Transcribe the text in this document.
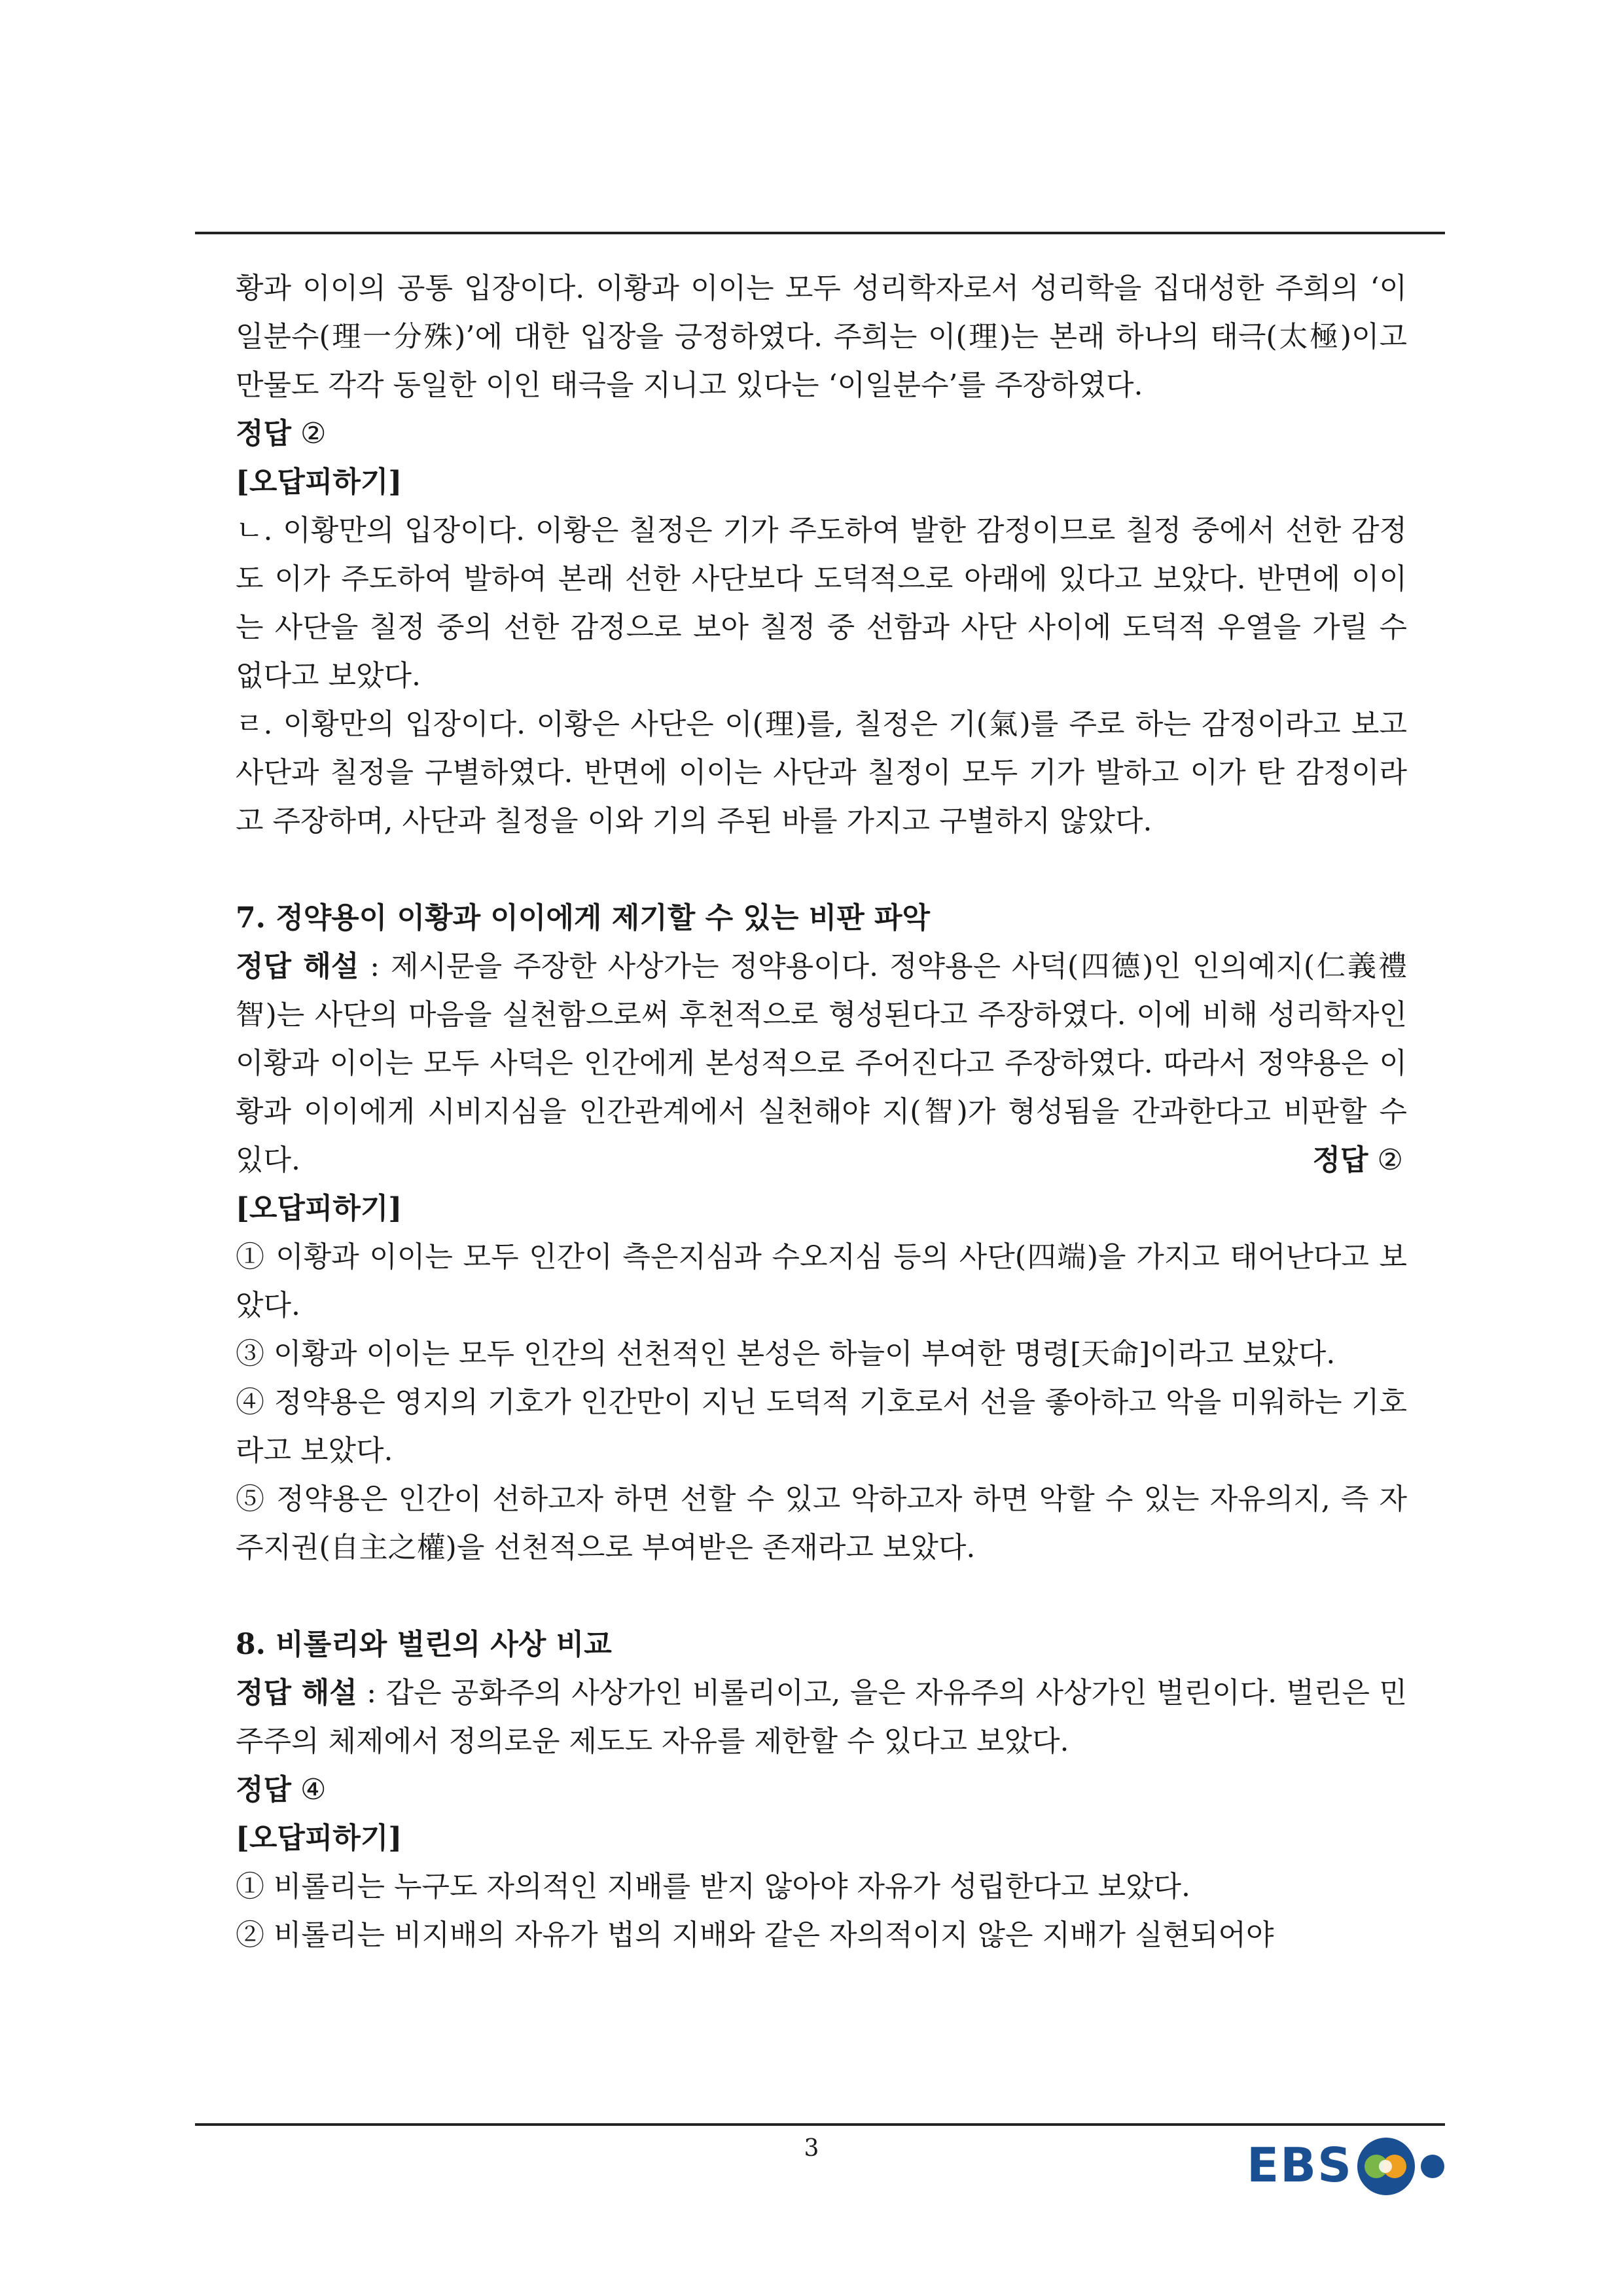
황과 이이의 공통 입장이다. 이황과 이이는 모두 성리학자로서 성리학을 집대성한 주희의 ‘이일분수(理一分殊)’에 대한 입장을 긍정하였다. 주희는 이(理)는 본래 하나의 태극(太極)이고 만물도 각각 동일한 이인 태극을 지니고 있다는 ‘이일분수’를 주장하였다.

정답 ②

[오답피하기]

ㄴ. 이황만의 입장이다. 이황은 칠정은 기가 주도하여 발한 감정이므로 칠정 중에서 선한 감정도 이가 주도하여 발하여 본래 선한 사단보다 도덕적으로 아래에 있다고 보았다. 반면에 이이는 사단을 칠정 중의 선한 감정으로 보아 칠정 중 선함과 사단 사이에 도덕적 우열을 가릴 수 없다고 보았다.

ㄹ. 이황만의 입장이다. 이황은 사단은 이(理)를, 칠정은 기(氣)를 주로 하는 감정이라고 보고 사단과 칠정을 구별하였다. 반면에 이이는 사단과 칠정이 모두 기가 발하고 이가 탄 감정이라고 주장하며, 사단과 칠정을 이와 기의 주된 바를 가지고 구별하지 않았다.

7. 정약용이 이황과 이이에게 제기할 수 있는 비판 파악

정답 해설 : 제시문을 주장한 사상가는 정약용이다. 정약용은 사덕(四德)인 인의예지(仁義禮智)는 사단의 마음을 실천함으로써 후천적으로 형성된다고 주장하였다. 이에 비해 성리학자인 이황과 이이는 모두 사덕은 인간에게 본성적으로 주어진다고 주장하였다. 따라서 정약용은 이황과 이이에게 시비지심을 인간관계에서 실천해야 지(智)가 형성됨을 간과한다고 비판할 수 있다.	정답 ②

[오답피하기]

① 이황과 이이는 모두 인간이 측은지심과 수오지심 등의 사단(四端)을 가지고 태어난다고 보았다.

③ 이황과 이이는 모두 인간의 선천적인 본성은 하늘이 부여한 명령[天命]이라고 보았다.

④ 정약용은 영지의 기호가 인간만이 지닌 도덕적 기호로서 선을 좋아하고 악을 미워하는 기호라고 보았다.

⑤ 정약용은 인간이 선하고자 하면 선할 수 있고 악하고자 하면 악할 수 있는 자유의지, 즉 자주지권(自主之權)을 선천적으로 부여받은 존재라고 보았다.

8. 비롤리와 벌린의 사상 비교

정답 해설 : 갑은 공화주의 사상가인 비롤리이고, 을은 자유주의 사상가인 벌린이다. 벌린은 민주주의 체제에서 정의로운 제도도 자유를 제한할 수 있다고 보았다.

정답 ④

[오답피하기]

① 비롤리는 누구도 자의적인 지배를 받지 않아야 자유가 성립한다고 보았다.

② 비롤리는 비지배의 자유가 법의 지배와 같은 자의적이지 않은 지배가 실현되어야

3	EBS
